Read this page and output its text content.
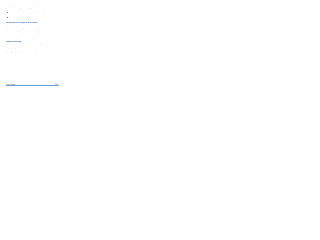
The following sections describe different types of media and how
their playback is handled on this computer. Please note that
some restrictions apply when playing media discs on this computer.
Some discs may not play back correctly, depending on how
they were created or recorded.
Protected discs may not be playable with the software
that is pre-installed on this computer.
Writing discs on optical disc drives
You can use the optical disc drive to write data to CD-R, CD-RW,
DVD-R, DVD-RW, DVD+R and DVD+RW discs. Make sure that
you select the correct type of disc for the task you intend
to perform. Writing speed may vary depending on the disc
media and drive model. Use the disc burning application
to write data. Do not move or shake the computer while
writing is in progress, as this may damage the disc.
Important message
Before you write or rewrite to any of the media supported by
the optical disc drive, please read and follow all of the setup
and operating instructions in this section. If you fail to do so,
you may find that the optical disc drive may not function
properly, and you may fail to write or rewrite discs.
Please also note that data may be lost in such cases.
User's Manual	3-36
